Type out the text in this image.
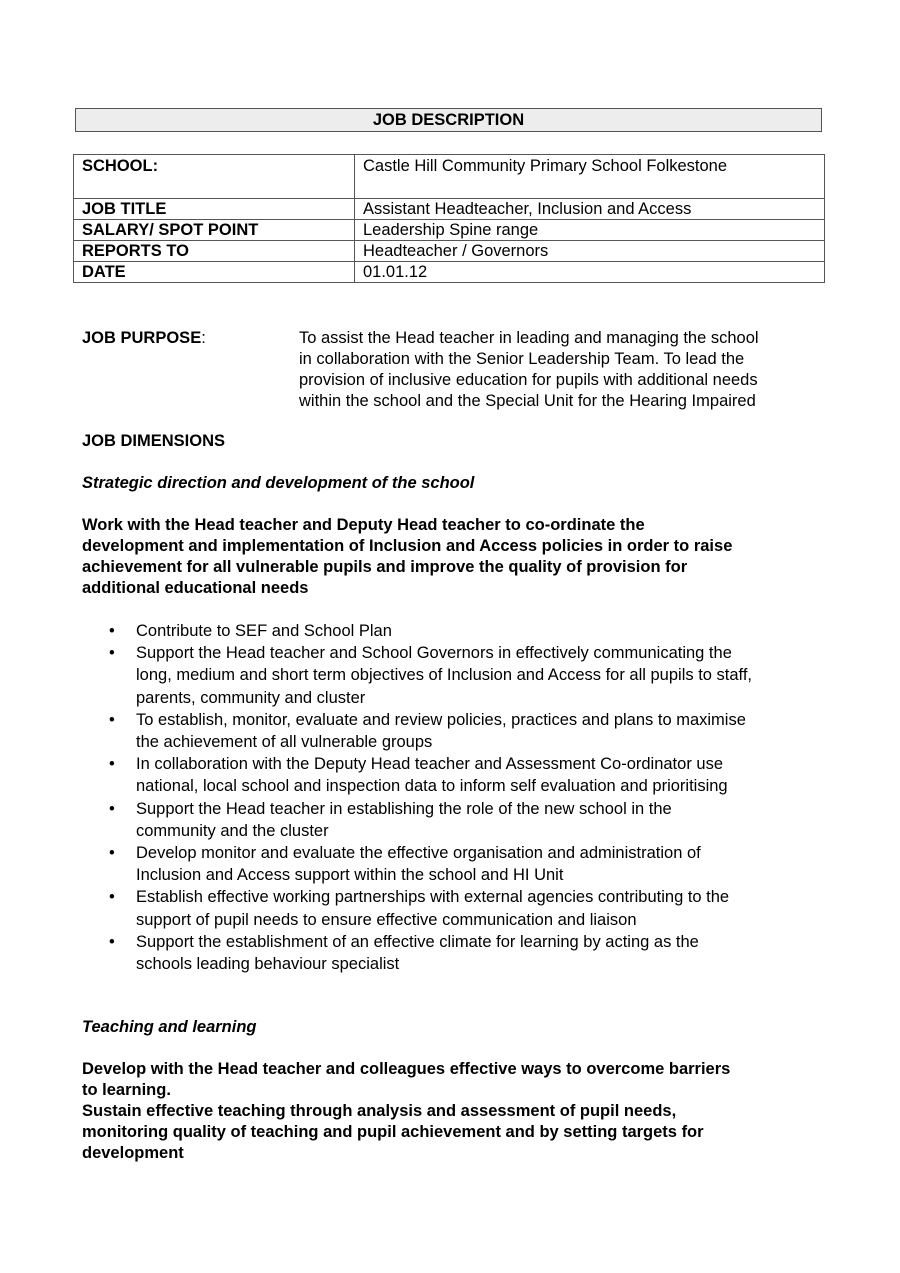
JOB DESCRIPTION
SCHOOL:	Castle Hill Community Primary School Folkestone
JOB TITLE	Assistant Headteacher, Inclusion and Access
SALARY/ SPOT POINT	Leadership Spine range
REPORTS TO	Headteacher / Governors
DATE	01.01.12
JOB PURPOSE:	To assist the Head teacher in leading and managing the school
in collaboration with the Senior Leadership Team. To lead the
provision of inclusive education for pupils with additional needs
within the school and the Special Unit for the Hearing Impaired
JOB DIMENSIONS
Strategic direction and development of the school
Work with the Head teacher and Deputy Head teacher to co-ordinate the
development and implementation of Inclusion and Access policies in order to raise
achievement for all vulnerable pupils and improve the quality of provision for
additional educational needs
• Contribute to SEF and School Plan
• Support the Head teacher and School Governors in effectively communicating the
long, medium and short term objectives of Inclusion and Access for all pupils to staff,
parents, community and cluster
• To establish, monitor, evaluate and review policies, practices and plans to maximise
the achievement of all vulnerable groups
• In collaboration with the Deputy Head teacher and Assessment Co-ordinator use
national, local school and inspection data to inform self evaluation and prioritising
• Support the Head teacher in establishing the role of the new school in the
community and the cluster
• Develop monitor and evaluate the effective organisation and administration of
Inclusion and Access support within the school and HI Unit
• Establish effective working partnerships with external agencies contributing to the
support of pupil needs to ensure effective communication and liaison
• Support the establishment of an effective climate for learning by acting as the
schools leading behaviour specialist
Teaching and learning
Develop with the Head teacher and colleagues effective ways to overcome barriers
to learning.
Sustain effective teaching through analysis and assessment of pupil needs,
monitoring quality of teaching and pupil achievement and by setting targets for
development
